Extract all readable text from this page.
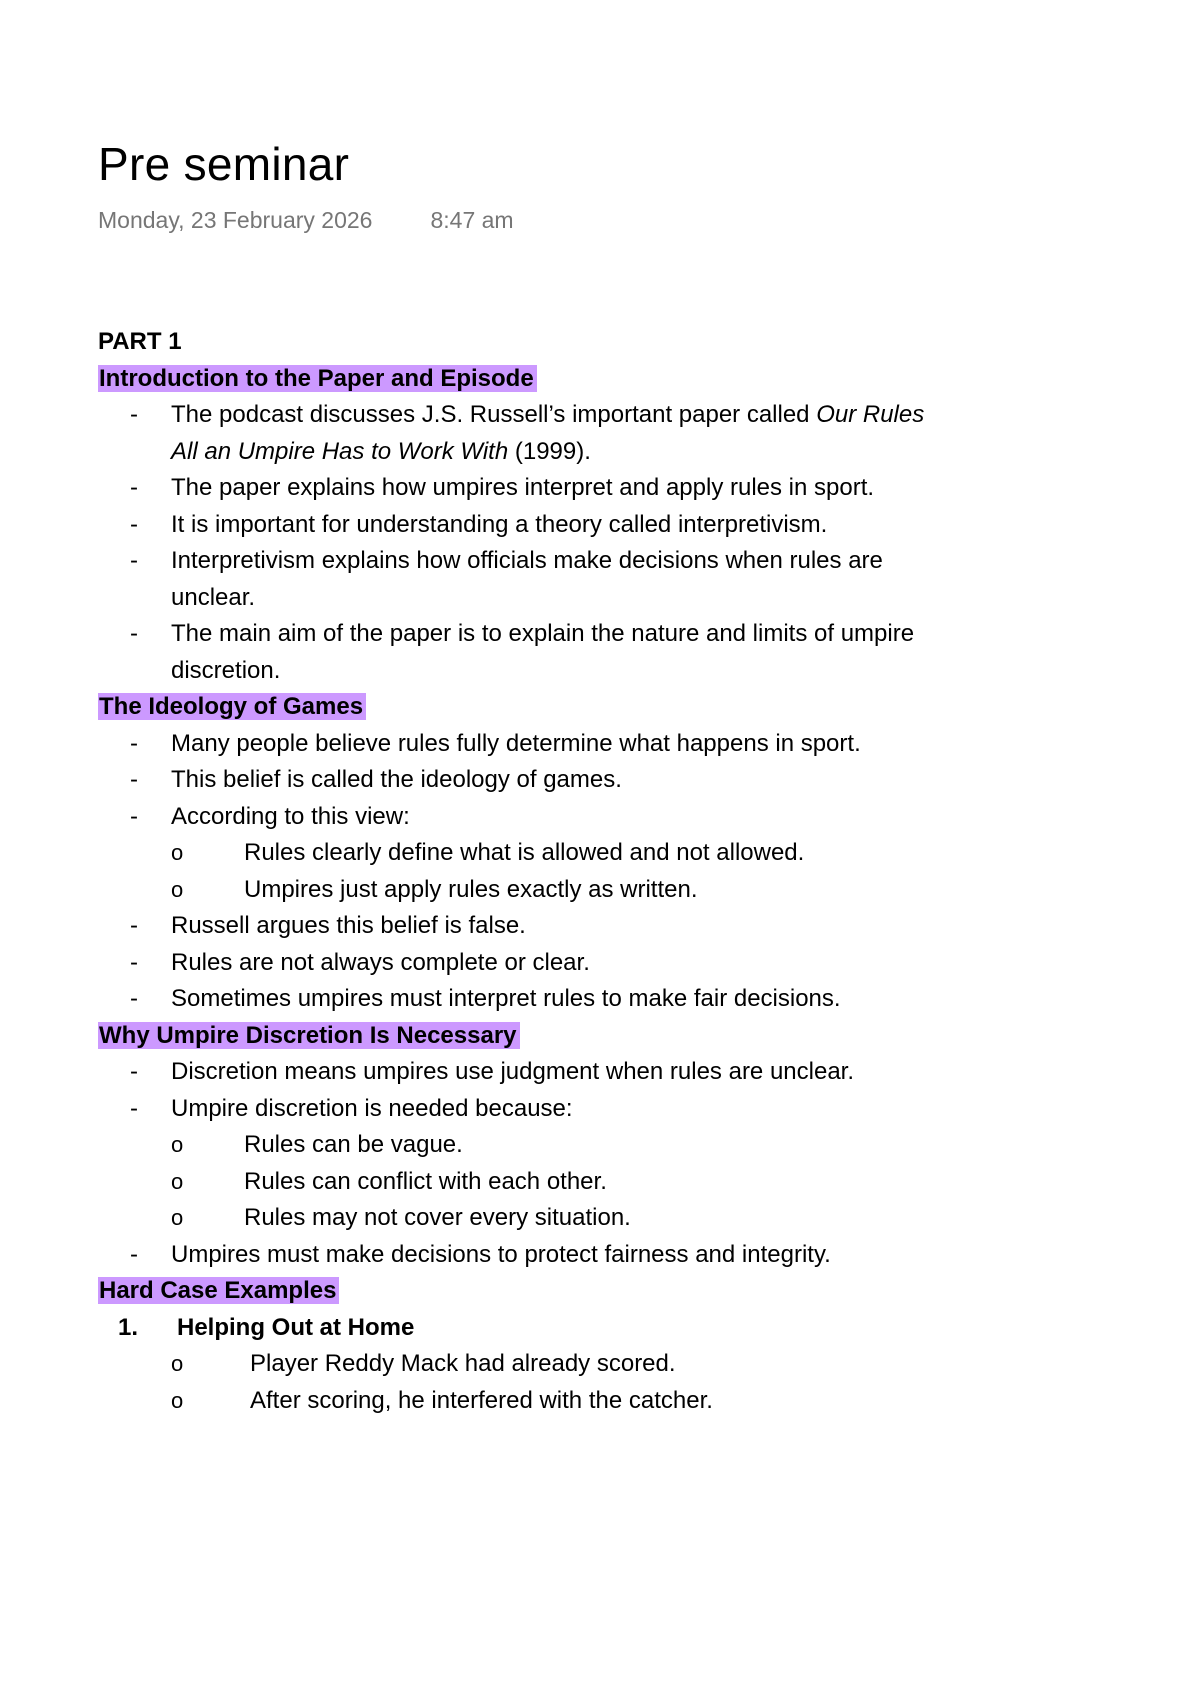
Pre seminar
Monday, 23 February 2026	8:47 am
PART 1
Introduction to the Paper and Episode
- The podcast discusses J.S. Russell’s important paper called Our Rules All an Umpire Has to Work With (1999).
- The paper explains how umpires interpret and apply rules in sport.
- It is important for understanding a theory called interpretivism.
- Interpretivism explains how officials make decisions when rules are unclear.
- The main aim of the paper is to explain the nature and limits of umpire discretion.
The Ideology of Games
- Many people believe rules fully determine what happens in sport.
- This belief is called the ideology of games.
- According to this view:
o	Rules clearly define what is allowed and not allowed.
o	Umpires just apply rules exactly as written.
- Russell argues this belief is false.
- Rules are not always complete or clear.
- Sometimes umpires must interpret rules to make fair decisions.
Why Umpire Discretion Is Necessary
- Discretion means umpires use judgment when rules are unclear.
- Umpire discretion is needed because:
o	Rules can be vague.
o	Rules can conflict with each other.
o	Rules may not cover every situation.
- Umpires must make decisions to protect fairness and integrity.
Hard Case Examples
1. Helping Out at Home
o	Player Reddy Mack had already scored.
o	After scoring, he interfered with the catcher.
